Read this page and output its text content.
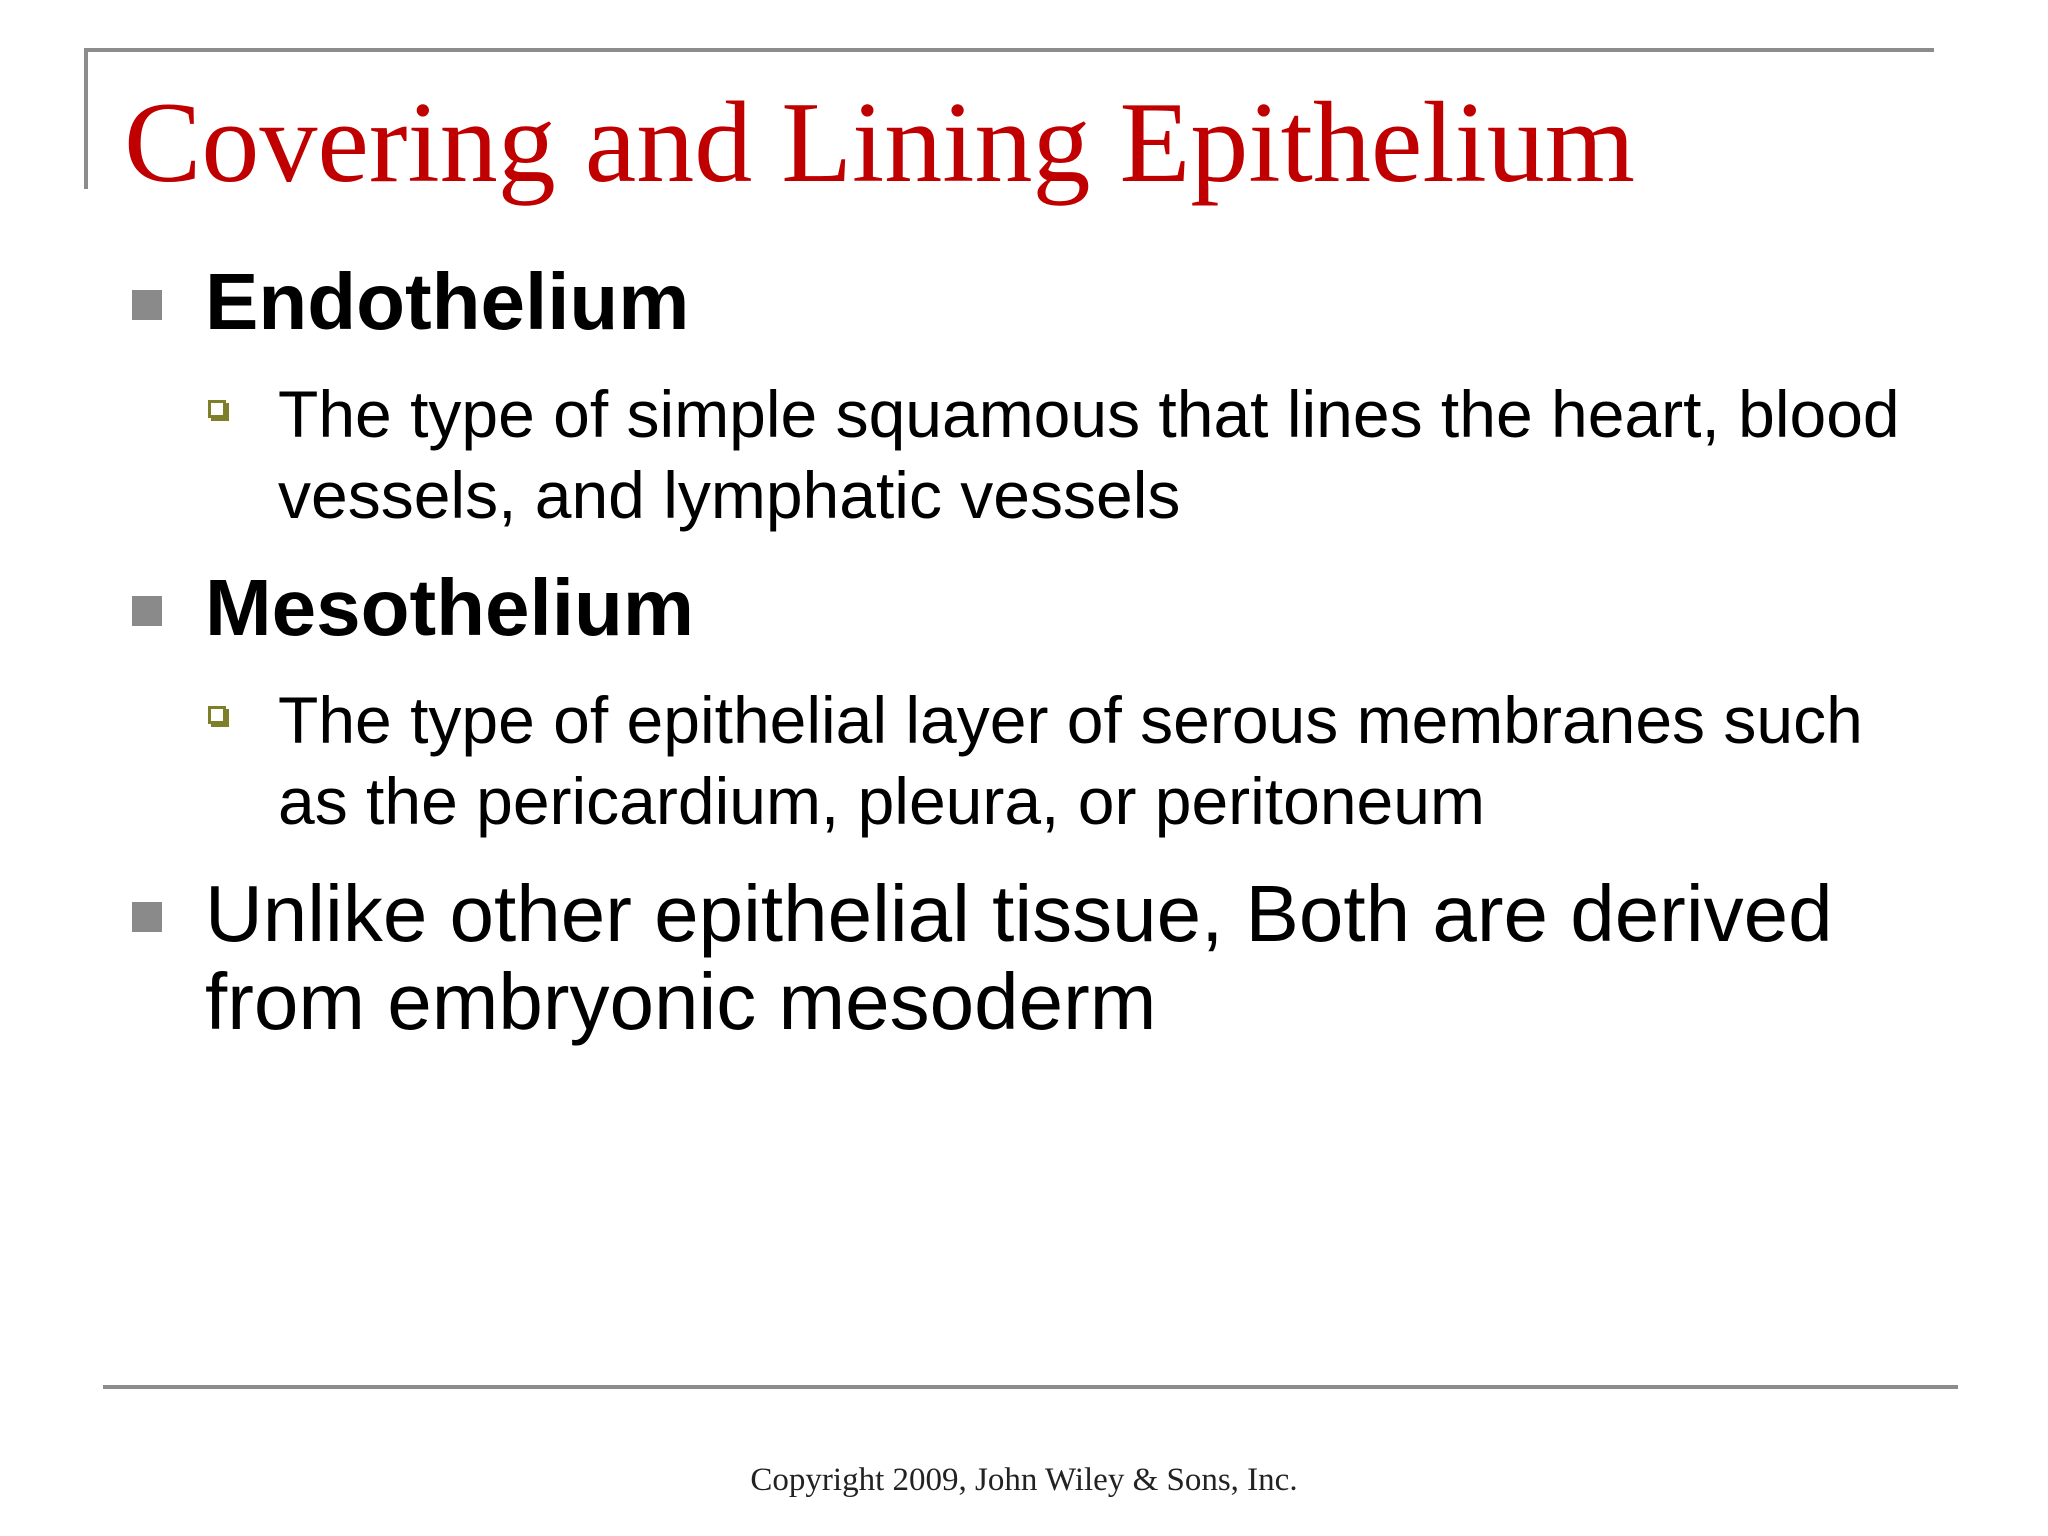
Covering and Lining Epithelium
Endothelium
The type of simple squamous that lines the heart, blood vessels, and lymphatic vessels
Mesothelium
The type of epithelial layer of serous membranes such as the pericardium, pleura, or peritoneum
Unlike other epithelial tissue, Both are derived from embryonic mesoderm
Copyright 2009, John Wiley & Sons, Inc.
